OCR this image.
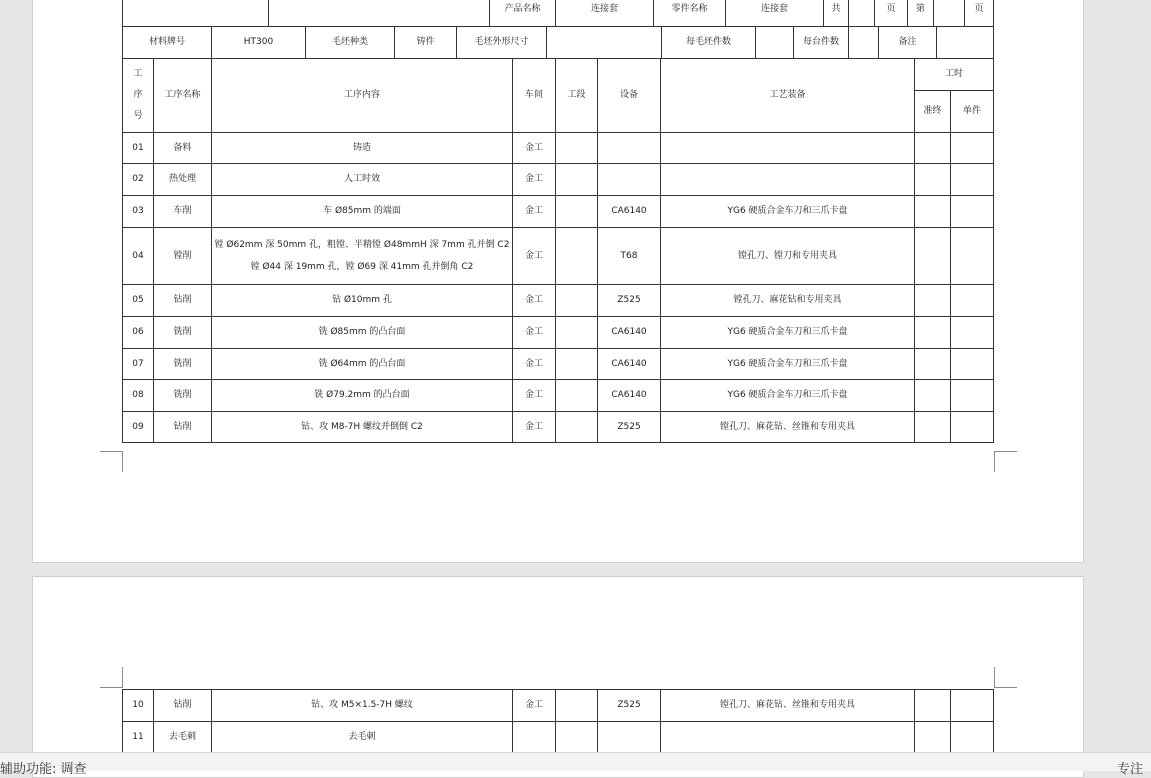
		产品名称	连接套	零件名称	连接套	共		页	第		页
材料牌号	HT300	毛坯种类	铸件	毛坯外形尺寸		每毛坯件数		每台件数		备注	
工
序
号	工序名称	工序内容	车间	工段	设备	工艺装备	工时	
							准终	单件
01	备料	铸造	金工					
02	热处理	人工时效	金工					
03	车削	车 Ø85mm 的端面	金工		CA6140	YG6 硬质合金车刀和三爪卡盘		
04	镗削	镗 Ø62mm 深 50mm 孔，粗镗、半精镗 Ø48mmH 深 7mm 孔并倒 C2 镗 Ø44 深 19mm 孔，镗 Ø69 深 41mm 孔并倒角 C2	金工		T68	镗孔刀、镗刀和专用夹具		
05	钻削	钻 Ø10mm 孔	金工		Z525	镗孔刀、麻花钻和专用夹具		
06	铣削	铣 Ø85mm 的凸台面	金工		CA6140	YG6 硬质合金车刀和三爪卡盘		
07	铣削	铣 Ø64mm 的凸台面	金工		CA6140	YG6 硬质合金车刀和三爪卡盘		
08	铣削	铣 Ø79.2mm 的凸台面	金工		CA6140	YG6 硬质合金车刀和三爪卡盘		
09	钻削	钻、攻 M8-7H 螺纹并倒倒 C2	金工		Z525	镗孔刀、麻花钻、丝锥和专用夹具		
10	钻削	钻、攻 M5×1.5-7H 螺纹	金工		Z525	镗孔刀、麻花钻、丝锥和专用夹具		
11	去毛刺	去毛刺						
辅助功能: 调查	专注
